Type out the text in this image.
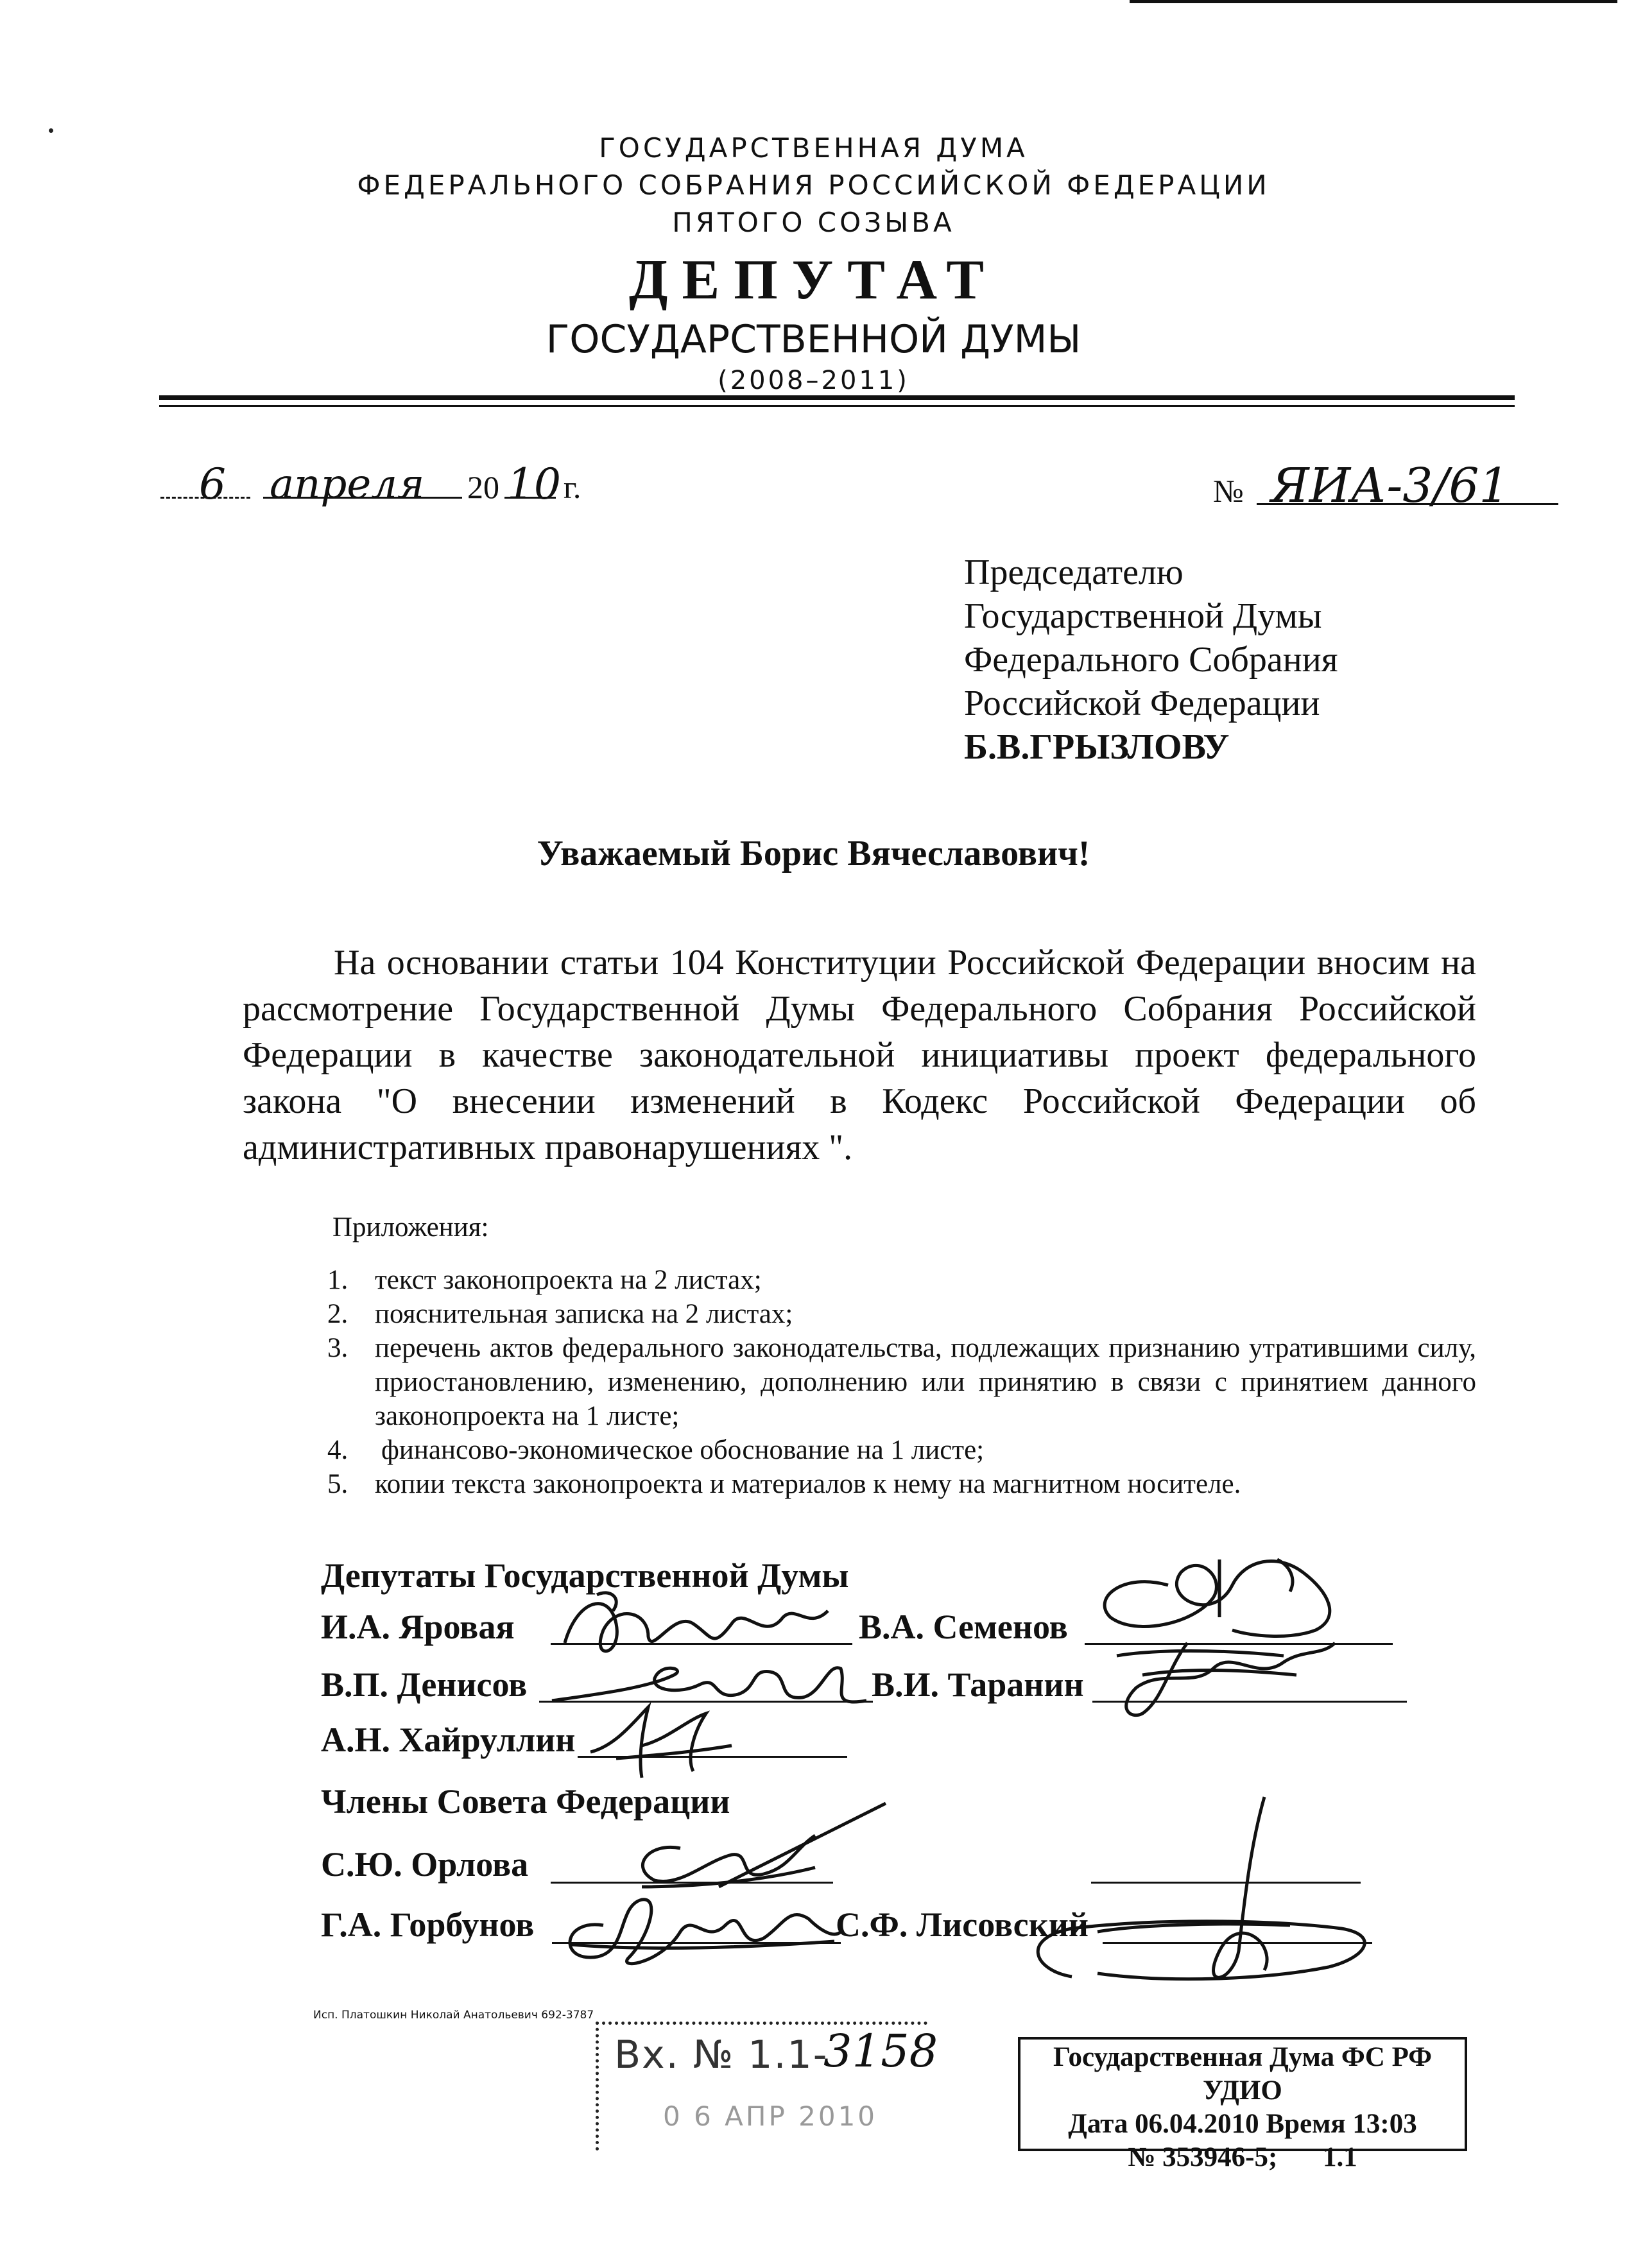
ГОСУДАРСТВЕННАЯ ДУМА
ФЕДЕРАЛЬНОГО СОБРАНИЯ РОССИЙСКОЙ ФЕДЕРАЦИИ
ПЯТОГО СОЗЫВА
ДЕПУТАТ
ГОСУДАРСТВЕННОЙ ДУМЫ
(2008–2011)
6 апреля 20 10 г.	№ ЯИА-3/61
Председателю
Государственной Думы
Федерального Собрания
Российской Федерации
Б.В.ГРЫЗЛОВУ
Уважаемый Борис Вячеславович!
На основании статьи 104 Конституции Российской Федерации вносим на рассмотрение Государственной Думы Федерального Собрания Российской Федерации в качестве законодательной инициативы проект федерального закона "О внесении изменений в Кодекс Российской Федерации об административных правонарушениях ".
Приложения:
1. текст законопроекта на 2 листах;
2. пояснительная записка на 2 листах;
3. перечень актов федерального законодательства, подлежащих признанию утратившими силу, приостановлению, изменению, дополнению или принятию в связи с принятием данного законопроекта на 1 листе;
4.	финансово-экономическое обоснование на 1 листе;
5. копии текста законопроекта и материалов к нему на магнитном носителе.
Депутаты Государственной Думы
И.А. Яровая	В.А. Семенов
В.П. Денисов	В.И. Таранин
А.Н. Хайруллин
Члены Совета Федерации
С.Ю. Орлова
Г.А. Горбунов	С.Ф. Лисовский
Исп. Платошкин Николай Анатольевич 692-3787
Вх. № 1.1-
3158
0 6 АПР 2010
Государственная Дума ФС РФ УДИО
Дата 06.04.2010 Время 13:03
№ 353946-5; 1.1
